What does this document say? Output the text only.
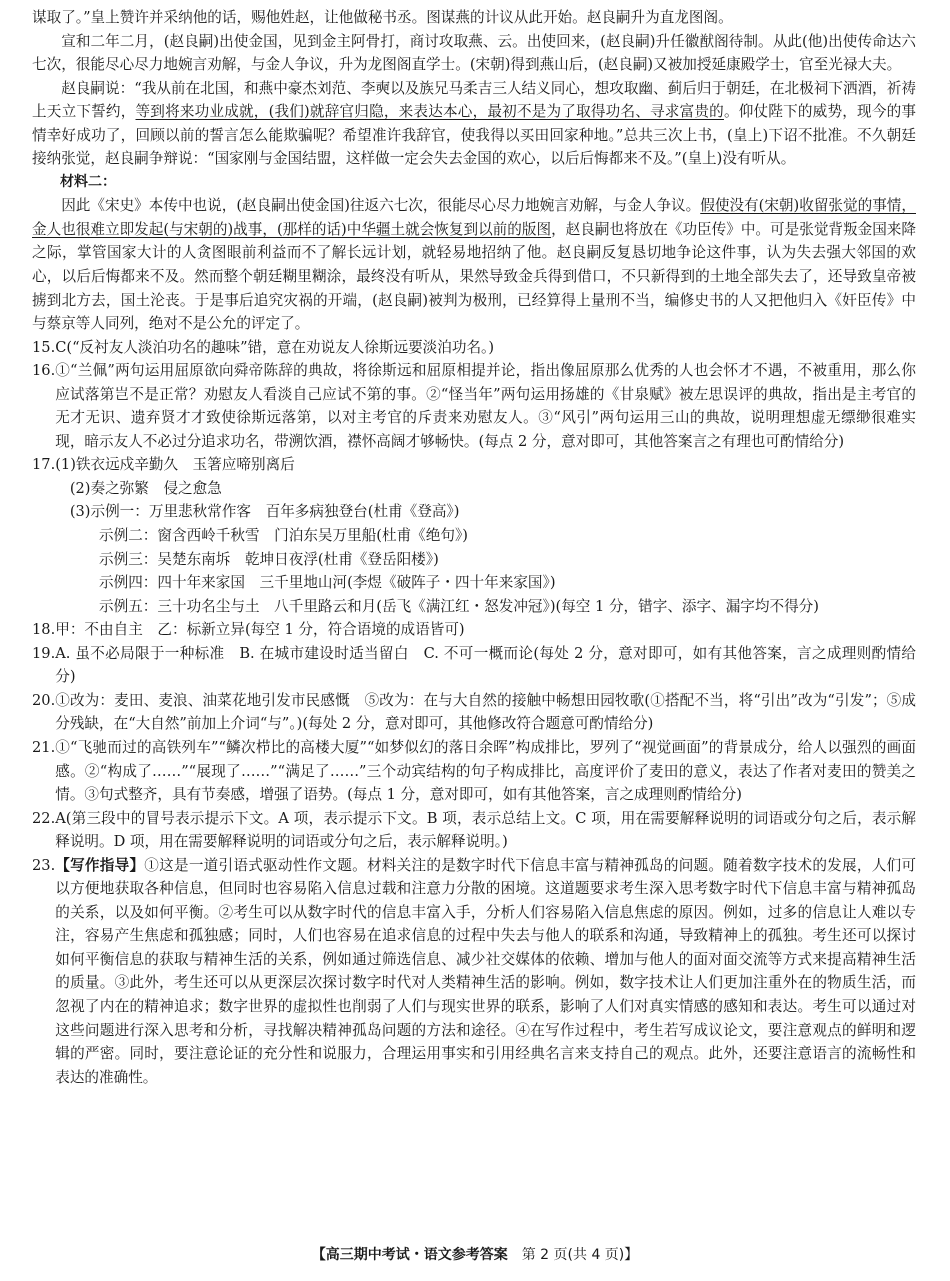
谋取了。”皇上赞许并采纳他的话，赐他姓赵，让他做秘书丞。图谋燕的计议从此开始。赵良嗣升为直龙图阁。

宣和二年二月，(赵良嗣)出使金国，见到金主阿骨打，商讨攻取燕、云。出使回来，(赵良嗣)升任徽猷阁待制。从此(他)出使传命达六七次，很能尽心尽力地婉言劝解，与金人争议，升为龙图阁直学士。(宋朝)得到燕山后，(赵良嗣)又被加授延康殿学士，官至光禄大夫。

赵良嗣说：“我从前在北国，和燕中豪杰刘范、李奭以及族兄马柔吉三人结义同心，想攻取幽、蓟后归于朝廷，在北极祠下洒酒，祈祷上天立下誓约，等到将来功业成就，(我们)就辞官归隐，来表达本心，最初不是为了取得功名、寻求富贵的。仰仗陛下的威势，现今的事情幸好成功了，回顾以前的誓言怎么能欺骗呢？希望准许我辞官，使我得以买田回家种地。”总共三次上书，(皇上)下诏不批准。不久朝廷接纳张觉，赵良嗣争辩说：“国家刚与金国结盟，这样做一定会失去金国的欢心，以后后悔都来不及。”(皇上)没有听从。

材料二：

因此《宋史》本传中也说，(赵良嗣出使金国)往返六七次，很能尽心尽力地婉言劝解，与金人争议。假使没有(宋朝)收留张觉的事情，金人也很难立即发起(与宋朝的)战事，(那样的话)中华疆土就会恢复到以前的版图，赵良嗣也将放在《功臣传》中。可是张觉背叛金国来降之际，掌管国家大计的人贪图眼前利益而不了解长远计划，就轻易地招纳了他。赵良嗣反复恳切地争论这件事，认为失去强大邻国的欢心，以后后悔都来不及。然而整个朝廷糊里糊涂，最终没有听从，果然导致金兵得到借口，不只新得到的土地全部失去了，还导致皇帝被掳到北方去，国土沦丧。于是事后追究灾祸的开端，(赵良嗣)被判为极刑，已经算得上量刑不当，编修史书的人又把他归入《奸臣传》中与蔡京等人同列，绝对不是公允的评定了。

15. C(“反衬友人淡泊功名的趣味”错，意在劝说友人徐斯远要淡泊功名。)
16. ①“兰佩”两句运用屈原欲向舜帝陈辞的典故，将徐斯远和屈原相提并论，指出像屈原那么优秀的人也会怀才不遇，不被重用，那么你应试落第岂不是正常？劝慰友人看淡自己应试不第的事。②“怪当年”两句运用扬雄的《甘泉赋》被左思误评的典故，指出是主考官的无才无识、遗弃贤才才致使徐斯远落第，以对主考官的斥责来劝慰友人。③“风引”两句运用三山的典故，说明理想虚无缥缈很难实现，暗示友人不必过分追求功名，带溯饮酒，襟怀高阔才够畅快。(每点 2 分，意对即可，其他答案言之有理也可酌情给分)
17. (1)铁衣远戍辛勤久　玉箸应啼别离后
(2)奏之弥繁　侵之愈急
(3)示例一：万里悲秋常作客　百年多病独登台(杜甫《登高》)
示例二：窗含西岭千秋雪　门泊东吴万里船(杜甫《绝句》)
示例三：吴楚东南坼　乾坤日夜浮(杜甫《登岳阳楼》)
示例四：四十年来家国　三千里地山河(李煜《破阵子・四十年来家国》)
示例五：三十功名尘与土　八千里路云和月(岳飞《满江红・怒发冲冠》)(每空 1 分，错字、添字、漏字均不得分)
18. 甲：不由自主　乙：标新立异(每空 1 分，符合语境的成语皆可)
19. A. 虽不必局限于一种标准　B. 在城市建设时适当留白　C. 不可一概而论(每处 2 分，意对即可，如有其他答案，言之成理则酌情给分)
20. ①改为：麦田、麦浪、油菜花地引发市民感慨　⑤改为：在与大自然的接触中畅想田园牧歌(①搭配不当，将“引出”改为“引发”；⑤成分残缺，在“大自然”前加上介词“与”。)(每处 2 分，意对即可，其他修改符合题意可酌情给分)
21. ①“飞驰而过的高铁列车”“鳞次栉比的高楼大厦”“如梦似幻的落日余晖”构成排比，罗列了“视觉画面”的背景成分，给人以强烈的画面感。②“构成了……”“展现了……”“满足了……”三个动宾结构的句子构成排比，高度评价了麦田的意义，表达了作者对麦田的赞美之情。③句式整齐，具有节奏感，增强了语势。(每点 1 分，意对即可，如有其他答案，言之成理则酌情给分)
22. A(第三段中的冒号表示提示下文。A 项，表示提示下文。B 项，表示总结上文。C 项，用在需要解释说明的词语或分句之后，表示解释说明。D 项，用在需要解释说明的词语或分句之后，表示解释说明。)
23. 【写作指导】①这是一道引语式驱动性作文题。材料关注的是数字时代下信息丰富与精神孤岛的问题。随着数字技术的发展，人们可以方便地获取各种信息，但同时也容易陷入信息过载和注意力分散的困境。这道题要求考生深入思考数字时代下信息丰富与精神孤岛的关系，以及如何平衡。②考生可以从数字时代的信息丰富入手，分析人们容易陷入信息焦虑的原因。例如，过多的信息让人难以专注，容易产生焦虑和孤独感；同时，人们也容易在追求信息的过程中失去与他人的联系和沟通，导致精神上的孤独。考生还可以探讨如何平衡信息的获取与精神生活的关系，例如通过筛选信息、减少社交媒体的依赖、增加与他人的面对面交流等方式来提高精神生活的质量。③此外，考生还可以从更深层次探讨数字时代对人类精神生活的影响。例如，数字技术让人们更加注重外在的物质生活，而忽视了内在的精神追求；数字世界的虚拟性也削弱了人们与现实世界的联系，影响了人们对真实情感的感知和表达。考生可以通过对这些问题进行深入思考和分析，寻找解决精神孤岛问题的方法和途径。④在写作过程中，考生若写成议论文，要注意观点的鲜明和逻辑的严密。同时，要注意论证的充分性和说服力，合理运用事实和引用经典名言来支持自己的观点。此外，还要注意语言的流畅性和表达的准确性。
【高三期中考试・语文参考答案　 第 2 页(共 4 页)】
